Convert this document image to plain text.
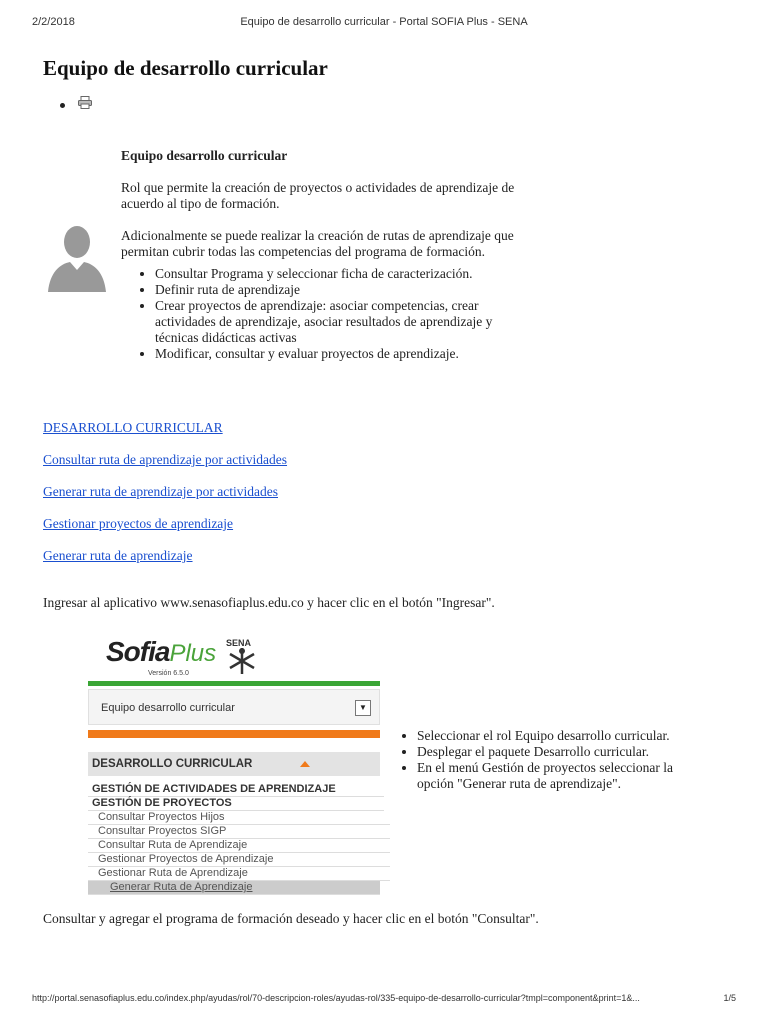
2/2/2018	Equipo de desarrollo curricular - Portal SOFIA Plus - SENA
Equipo de desarrollo curricular

Equipo desarrollo curricular

Rol que permite la creación de proyectos o actividades de aprendizaje de acuerdo al tipo de formación.

Adicionalmente se puede realizar la creación de rutas de aprendizaje que permitan cubrir todas las competencias del programa de formación.

• Consultar Programa y seleccionar ficha de caracterización.
• Definir ruta de aprendizaje
• Crear proyectos de aprendizaje: asociar competencias, crear actividades de aprendizaje, asociar resultados de aprendizaje y técnicas didácticas activas
• Modificar, consultar y evaluar proyectos de aprendizaje.
DESARROLLO CURRICULAR
Consultar ruta de aprendizaje por actividades
Generar ruta de aprendizaje por actividades
Gestionar proyectos de aprendizaje
Generar ruta de aprendizaje
Ingresar al aplicativo www.senasofiaplus.edu.co y hacer clic en el botón "Ingresar".
SofiaPlus
Versión 6.5.0
SENA
Equipo desarrollo curricular	▼
DESARROLLO CURRICULAR
GESTIÓN DE ACTIVIDADES DE APRENDIZAJE
GESTIÓN DE PROYECTOS
Consultar Proyectos Hijos
Consultar Proyectos SIGP
Consultar Ruta de Aprendizaje
Gestionar Proyectos de Aprendizaje
Gestionar Ruta de Aprendizaje
Generar Ruta de Aprendizaje
• Seleccionar el rol Equipo desarrollo curricular.
• Desplegar el paquete Desarrollo curricular.
• En el menú Gestión de proyectos seleccionar la opción "Generar ruta de aprendizaje".
Consultar y agregar el programa de formación deseado y hacer clic en el botón "Consultar".
http://portal.senasofiaplus.edu.co/index.php/ayudas/rol/70-descripcion-roles/ayudas-rol/335-equipo-de-desarrollo-curricular?tmpl=component&print=1&...	1/5
